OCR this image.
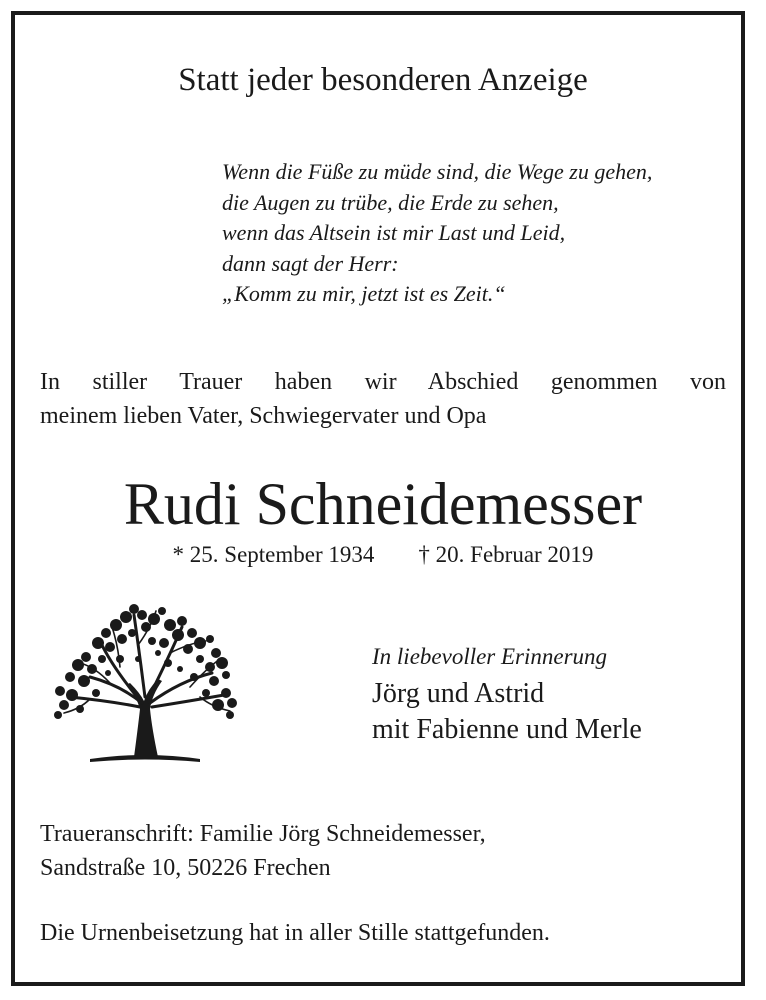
Statt jeder besonderen Anzeige
Wenn die Füße zu müde sind, die Wege zu gehen,
die Augen zu trübe, die Erde zu sehen,
wenn das Altsein ist mir Last und Leid,
dann sagt der Herr:
„Komm zu mir, jetzt ist es Zeit.“
In stiller Trauer haben wir Abschied genommen von
meinem lieben Vater, Schwiegervater und Opa
Rudi Schneidemesser
* 25. September 1934 † 20. Februar 2019
In liebevoller Erinnerung
Jörg und Astrid
mit Fabienne und Merle
Traueranschrift: Familie Jörg Schneidemesser,
Sandstraße 10, 50226 Frechen
Die Urnenbeisetzung hat in aller Stille stattgefunden.
